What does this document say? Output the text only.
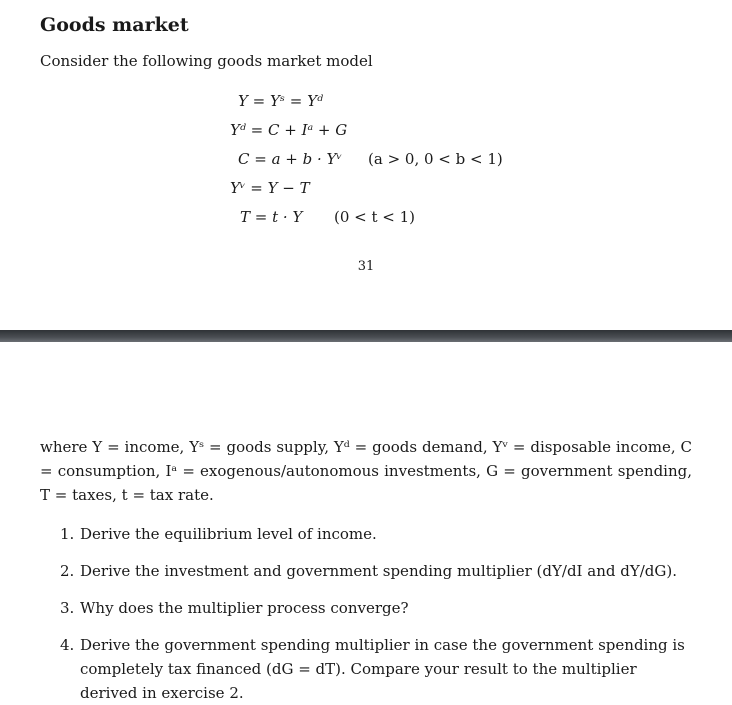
Goods market

Consider the following goods market model

Y = Yˢ = Yᵈ
Yᵈ = C + Iᵃ + G
C = a + b · Yᵛ (a > 0, 0 < b < 1)
Yᵛ = Y − T
T = t · Y (0 < t < 1)
31

where Y = income, Yˢ = goods supply, Yᵈ = goods demand, Yᵛ = disposable income, C = consumption, Iᵃ = exogenous/autonomous investments, G = government spending, T = taxes, t = tax rate.

1. Derive the equilibrium level of income.
2. Derive the investment and government spending multiplier (dY/dI and dY/dG).
3. Why does the multiplier process converge?
4. Derive the government spending multiplier in case the government spending is completely tax financed (dG = dT). Compare your result to the multiplier derived in exercise 2.
